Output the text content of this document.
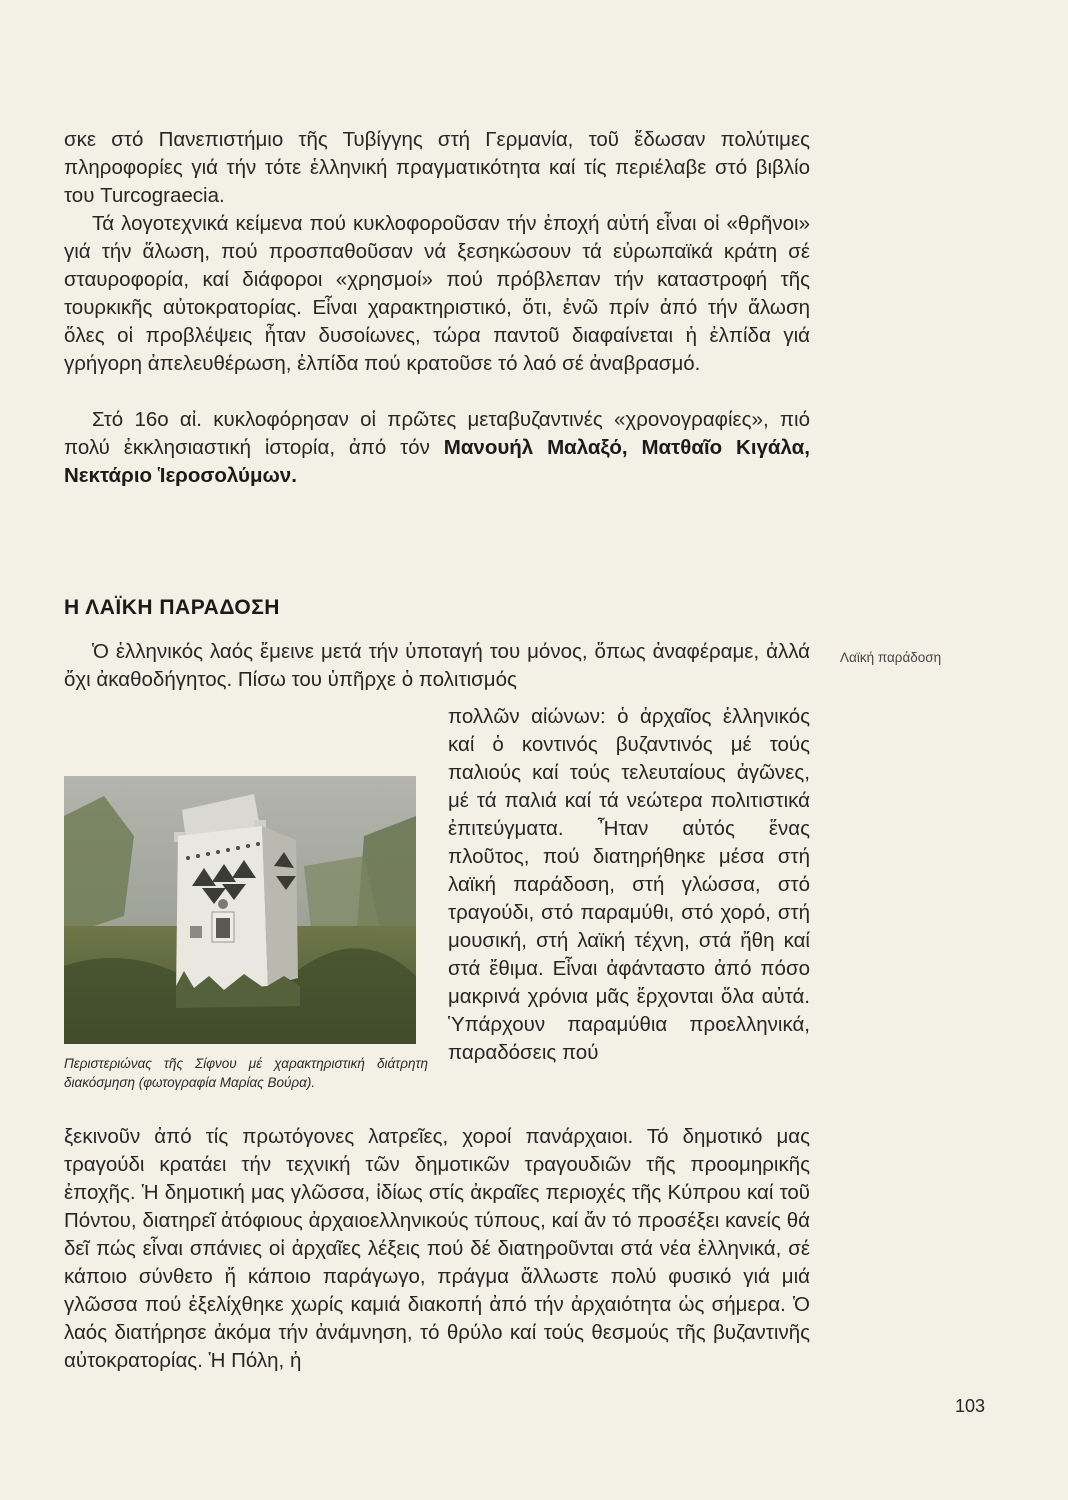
σκε στό Πανεπιστήμιο τῆς Τυβίγγης στή Γερμανία, τοῦ ἔδωσαν πολύτιμες πληροφορίες γιά τήν τότε ἑλληνική πραγματικότητα καί τίς περιέλαβε στό βιβλίο του Turcograecia.

Τά λογοτεχνικά κείμενα πού κυκλοφοροῦσαν τήν ἐποχή αὐτή εἶναι οἱ «θρῆνοι» γιά τήν ἅλωση, πού προσπαθοῦσαν νά ξεσηκώσουν τά εὐρωπαϊκά κράτη σέ σταυροφορία, καί διάφοροι «χρησμοί» πού πρόβλεπαν τήν καταστροφή τῆς τουρκικῆς αὐτοκρατορίας. Εἶναι χαρακτηριστικό, ὅτι, ἐνῶ πρίν ἀπό τήν ἅλωση ὅλες οἱ προβλέψεις ἦταν δυσοίωνες, τώρα παντοῦ διαφαίνεται ἡ ἐλπίδα γιά γρήγορη ἀπελευθέρωση, ἐλπίδα πού κρατοῦσε τό λαό σέ ἀναβρασμό.

Στό 16ο αἰ. κυκλοφόρησαν οἱ πρῶτες μεταβυζαντινές «χρονογραφίες», πιό πολύ ἐκκλησιαστική ἱστορία, ἀπό τόν Μανουήλ Μαλαξό, Ματθαῖο Κιγάλα, Νεκτάριο Ἱεροσολύμων.

Η ΛΑΪΚΗ ΠΑΡΑΔΟΣΗ
Λαϊκή παράδοση

Ὁ ἑλληνικός λαός ἔμεινε μετά τήν ὑποταγή του μόνος, ὅπως ἀναφέραμε, ἀλλά ὄχι ἀκαθοδήγητος. Πίσω του ὑπῆρχε ὁ πολιτισμός

πολλῶν αἰώνων: ὁ ἀρχαῖος ἑλληνικός καί ὁ κοντινός βυζαντινός μέ τούς παλιούς καί τούς τελευταίους ἀγῶνες, μέ τά παλιά καί τά νεώτερα πολιτιστικά ἐπιτεύγματα. Ἦταν αὐτός ἕνας πλοῦτος, πού διατηρήθηκε μέσα στή λαϊκή παράδοση, στή γλώσσα, στό τραγούδι, στό παραμύθι, στό χορό, στή μουσική, στή λαϊκή τέχνη, στά ἤθη καί στά ἔθιμα. Εἶναι ἀφάνταστο ἀπό πόσο μακρινά χρόνια μᾶς ἔρχονται ὅλα αὐτά. Ὑπάρχουν παραμύθια προελληνικά, παραδόσεις πού

Περιστεριώνας τῆς Σίφνου μέ χαρακτηριστική διάτρητη διακόσμηση (φωτογραφία Μαρίας Βούρα).

ξεκινοῦν ἀπό τίς πρωτόγονες λατρεῖες, χοροί πανάρχαιοι. Τό δημοτικό μας τραγούδι κρατάει τήν τεχνική τῶν δημοτικῶν τραγουδιῶν τῆς προομηρικῆς ἐποχῆς. Ἡ δημοτική μας γλῶσσα, ἰδίως στίς ἀκραῖες περιοχές τῆς Κύπρου καί τοῦ Πόντου, διατηρεῖ ἀτόφιους ἀρχαιοελληνικούς τύπους, καί ἄν τό προσέξει κανείς θά δεῖ πώς εἶναι σπάνιες οἱ ἀρχαῖες λέξεις πού δέ διατηροῦνται στά νέα ἑλληνικά, σέ κάποιο σύνθετο ἤ κάποιο παράγωγο, πράγμα ἄλλωστε πολύ φυσικό γιά μιά γλῶσσα πού ἐξελίχθηκε χωρίς καμιά διακοπή ἀπό τήν ἀρχαιότητα ὡς σήμερα. Ὁ λαός διατήρησε ἀκόμα τήν ἀνάμνηση, τό θρύλο καί τούς θεσμούς τῆς βυζαντινῆς αὐτοκρατορίας. Ἡ Πόλη, ἡ

103
